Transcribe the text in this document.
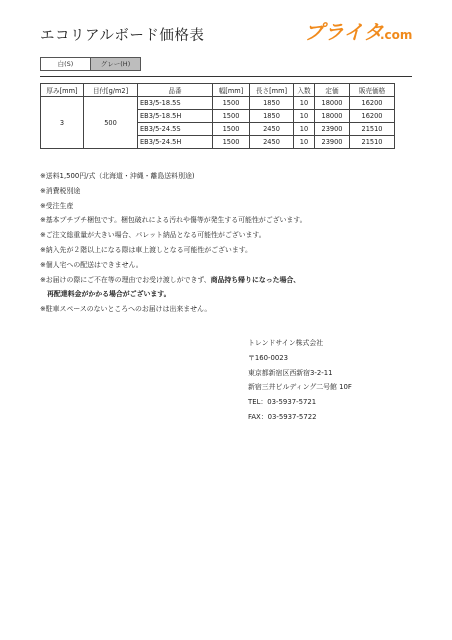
エコリアルボード価格表	プライタ
.com
白(S)	グレー(H)
厚み[mm]	目付[g/m2]	品番	幅[mm]	長さ[mm]	入数	定価	販売価格
3	500	EB3/5-18.5S	1500	1850	10	18000	16200
		EB3/5-18.5H	1500	1850	10	18000	16200
		EB3/5-24.5S	1500	2450	10	23900	21510
		EB3/5-24.5H	1500	2450	10	23900	21510
※送料1,500円/式（北海道・沖縄・離島送料別途)
※消費税別途
※受注生産
※基本プチプチ梱包です。梱包破れによる汚れや傷等が発生する可能性がございます。
※ご注文総重量が大きい場合、パレット納品となる可能性がございます。
※納入先が２階以上になる際は車上渡しとなる可能性がございます。
※個人宅への配送はできません。
※お届けの際にご不在等の理由でお受け渡しができず、商品持ち帰りになった場合、
再配達料金がかかる場合がございます。
※駐車スペースのないところへのお届けは出来ません。
トレンドサイン株式会社
〒160-0023
東京都新宿区西新宿3-2-11
新宿三井ビルディング二号館 10F
TEL：03-5937-5721
FAX：03-5937-5722
